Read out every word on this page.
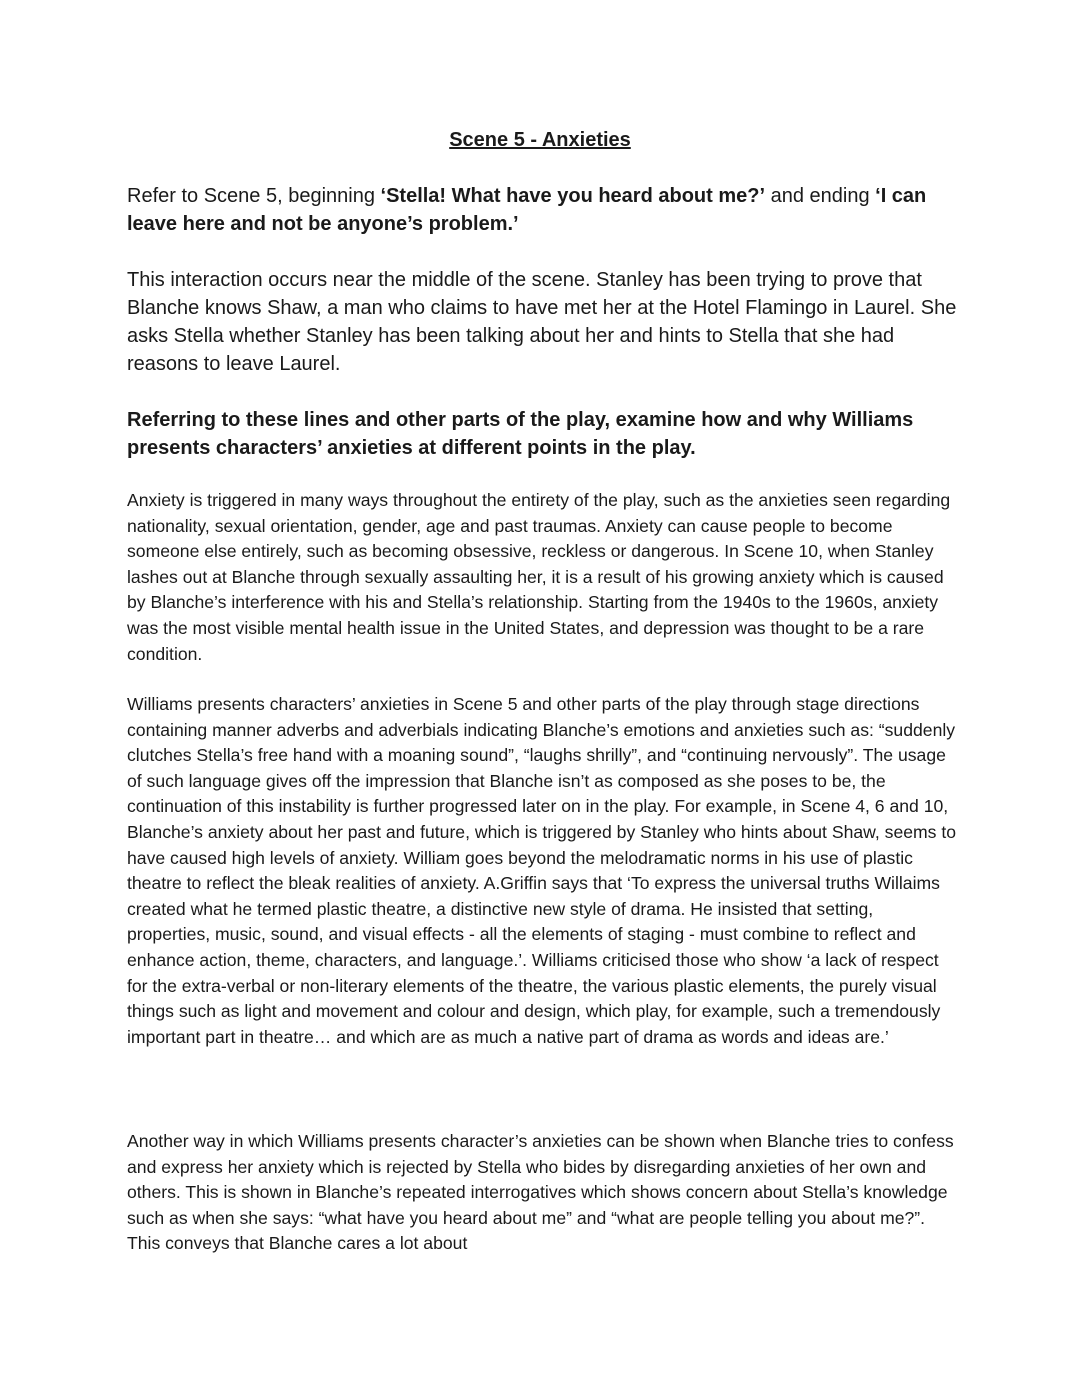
Scene 5 - Anxieties

Refer to Scene 5, beginning ‘Stella! What have you heard about me?’ and ending ‘I can leave here and not be anyone’s problem.’

This interaction occurs near the middle of the scene. Stanley has been trying to prove that Blanche knows Shaw, a man who claims to have met her at the Hotel Flamingo in Laurel. She asks Stella whether Stanley has been talking about her and hints to Stella that she had reasons to leave Laurel.

Referring to these lines and other parts of the play, examine how and why Williams presents characters’ anxieties at different points in the play.

Anxiety is triggered in many ways throughout the entirety of the play, such as the anxieties seen regarding nationality, sexual orientation, gender, age and past traumas. Anxiety can cause people to become someone else entirely, such as becoming obsessive, reckless or dangerous. In Scene 10, when Stanley lashes out at Blanche through sexually assaulting her, it is a result of his growing anxiety which is caused by Blanche’s interference with his and Stella’s relationship. Starting from the 1940s to the 1960s, anxiety was the most visible mental health issue in the United States, and depression was thought to be a rare condition.

Williams presents characters’ anxieties in Scene 5 and other parts of the play through stage directions containing manner adverbs and adverbials indicating Blanche’s emotions and anxieties such as: “suddenly clutches Stella’s free hand with a moaning sound”, “laughs shrilly”, and “continuing nervously”. The usage of such language gives off the impression that Blanche isn’t as composed as she poses to be, the continuation of this instability is further progressed later on in the play. For example, in Scene 4, 6 and 10, Blanche’s anxiety about her past and future, which is triggered by Stanley who hints about Shaw, seems to have caused high levels of anxiety. William goes beyond the melodramatic norms in his use of plastic theatre to reflect the bleak realities of anxiety. A.Griffin says that ‘To express the universal truths Willaims created what he termed plastic theatre, a distinctive new style of drama. He insisted that setting, properties, music, sound, and visual effects - all the elements of staging - must combine to reflect and enhance action, theme, characters, and language.’. Williams criticised those who show ‘a lack of respect for the extra-verbal or non-literary elements of the theatre, the various plastic elements, the purely visual things such as light and movement and colour and design, which play, for example, such a tremendously important part in theatre… and which are as much a native part of drama as words and ideas are.’

Another way in which Williams presents character’s anxieties can be shown when Blanche tries to confess and express her anxiety which is rejected by Stella who bides by disregarding anxieties of her own and others. This is shown in Blanche’s repeated interrogatives which shows concern about Stella’s knowledge such as when she says: “what have you heard about me” and “what are people telling you about me?”. This conveys that Blanche cares a lot about
